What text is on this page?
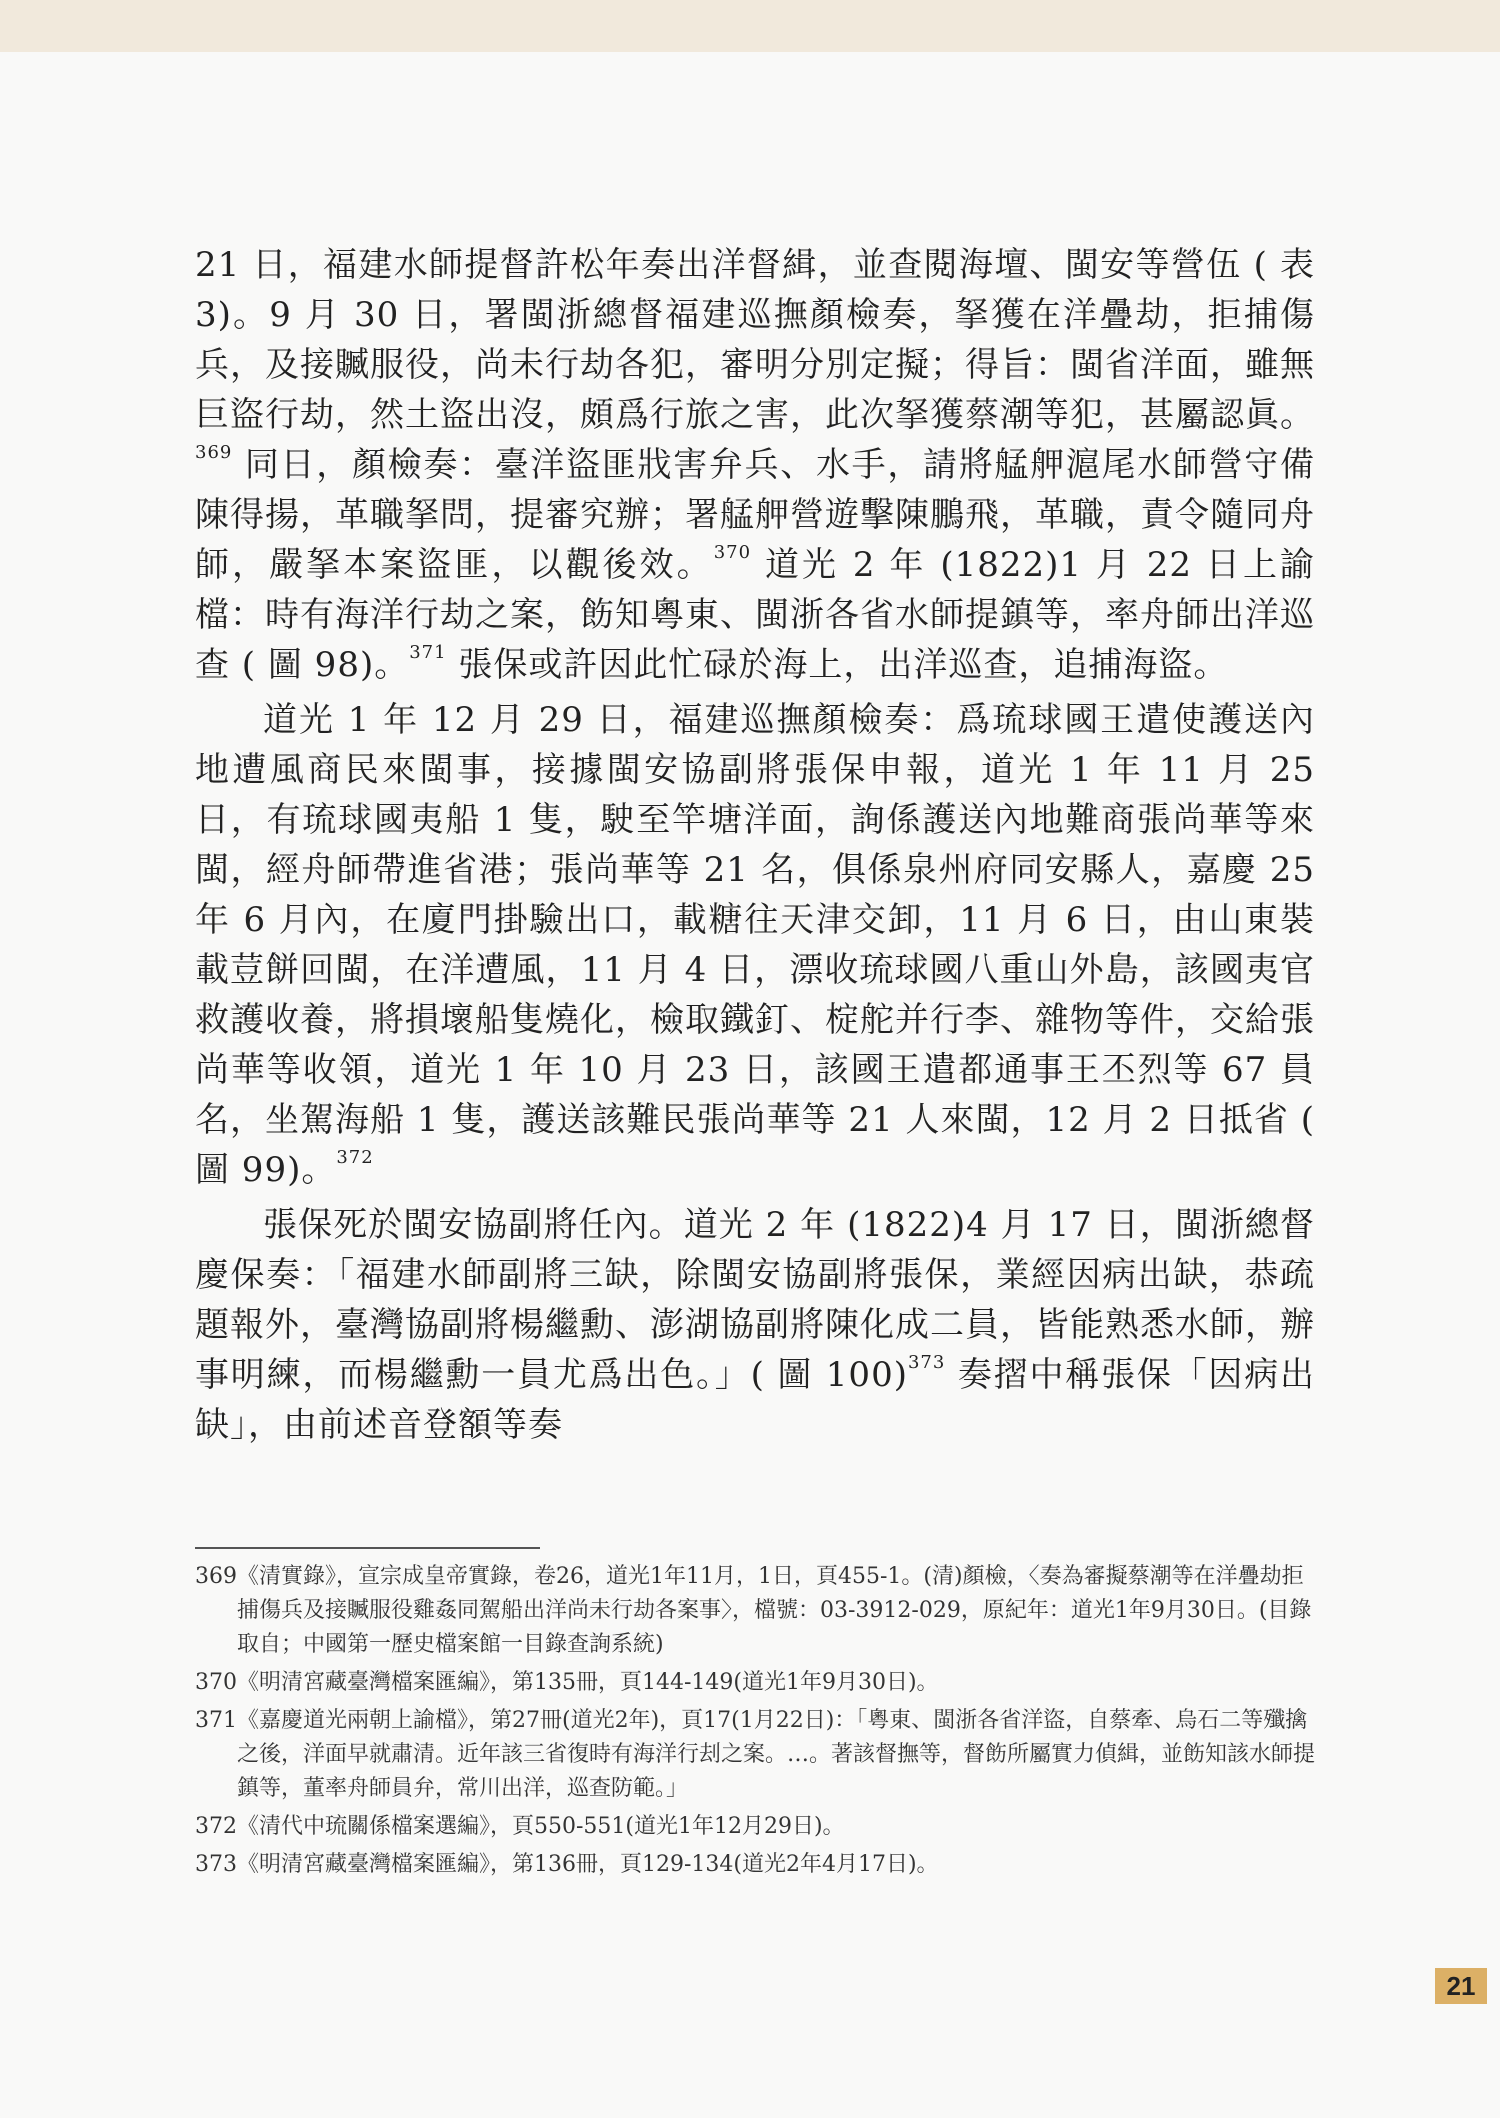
21 日，福建水師提督許松年奏出洋督緝，並查閱海壇、閩安等營伍 ( 表 3)。9 月 30 日，署閩浙總督福建巡撫顏檢奏，拏獲在洋疊劫，拒捕傷兵，及接贓服役，尚未行劫各犯，審明分別定擬；得旨：閩省洋面，雖無巨盜行劫，然土盜出沒，頗爲行旅之害，此次拏獲蔡潮等犯，甚屬認眞。$^{369}$ 同日，顏檢奏：臺洋盜匪戕害弁兵、水手，請將艋舺滬尾水師營守備陳得揚，革職拏問，提審究辦；署艋舺營遊擊陳鵬飛，革職，責令隨同舟師，嚴拏本案盜匪，以觀後效。$^{370}$ 道光 2 年 (1822)1 月 22 日上諭檔：時有海洋行劫之案，飭知粵東、閩浙各省水師提鎮等，率舟師出洋巡查 ( 圖 98)。$^{371}$ 張保或許因此忙碌於海上，出洋巡查，追捕海盜。

道光 1 年 12 月 29 日，福建巡撫顏檢奏：爲琉球國王遣使護送內地遭風商民來閩事，接據閩安協副將張保申報，道光 1 年 11 月 25 日，有琉球國夷船 1 隻，駛至竿塘洋面，詢係護送內地難商張尚華等來閩，經舟師帶進省港；張尚華等 21 名，俱係泉州府同安縣人，嘉慶 25 年 6 月內，在廈門掛驗出口，載糖往天津交卸，11 月 6 日，由山東裝載荳餅回閩，在洋遭風，11 月 4 日，漂收琉球國八重山外島，該國夷官救護收養，將損壞船隻燒化，檢取鐵釘、椗舵并行李、雜物等件，交給張尚華等收領，道光 1 年 10 月 23 日，該國王遣都通事王丕烈等 67 員名，坐駕海船 1 隻，護送該難民張尚華等 21 人來閩，12 月 2 日抵省 ( 圖 99)。$^{372}$

張保死於閩安協副將任內。道光 2 年 (1822)4 月 17 日，閩浙總督慶保奏：「福建水師副將三缺，除閩安協副將張保，業經因病出缺，恭疏題報外，臺灣協副將楊繼勳、澎湖協副將陳化成二員，皆能熟悉水師，辦事明練，而楊繼勳一員尤爲出色。」( 圖 100)$^{373}$ 奏摺中稱張保「因病出缺」，由前述音登額等奏

369《清實錄》，宣宗成皇帝實錄，卷26，道光1年11月，1日，頁455-1。(清)顏檢，〈奏為審擬蔡潮等在洋疊劫拒捕傷兵及接贓服役雞姦同駕船出洋尚未行劫各案事〉，檔號：03-3912-029，原紀年：道光1年9月30日。(目錄取自；中國第一歷史檔案館一目錄查詢系統)

370《明清宮藏臺灣檔案匯編》，第135冊，頁144-149(道光1年9月30日)。

371《嘉慶道光兩朝上諭檔》，第27冊(道光2年)，頁17(1月22日)：「粵東、閩浙各省洋盜，自蔡牽、烏石二等殲擒之後，洋面早就肅清。近年該三省復時有海洋行刦之案。…。著該督撫等，督飭所屬實力偵緝，並飭知該水師提鎮等，董率舟師員弁，常川出洋，巡查防範。」

372《清代中琉關係檔案選編》，頁550-551(道光1年12月29日)。

373《明清宮藏臺灣檔案匯編》，第136冊，頁129-134(道光2年4月17日)。

21
